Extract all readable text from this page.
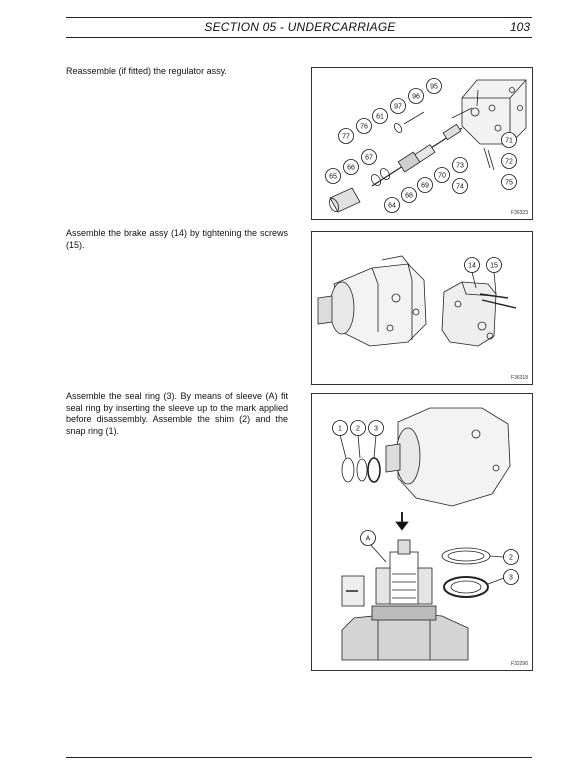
SECTION 05 - UNDERCARRIAGE	103
Reassemble (if fitted) the regulator assy.
95
96
97
61
76
77
71
72
73
75
74
70
67
66
65
68
69
64
F36323
Assemble the brake assy (14) by tightening the screws (15).
14 15
F36318
Assemble the seal ring (3). By means of sleeve (A) fit seal ring by inserting the sleeve up to the mark applied before disassembly. Assemble the shim (2) and the snap ring (1).	1
2
3
A
2
3
F32290
